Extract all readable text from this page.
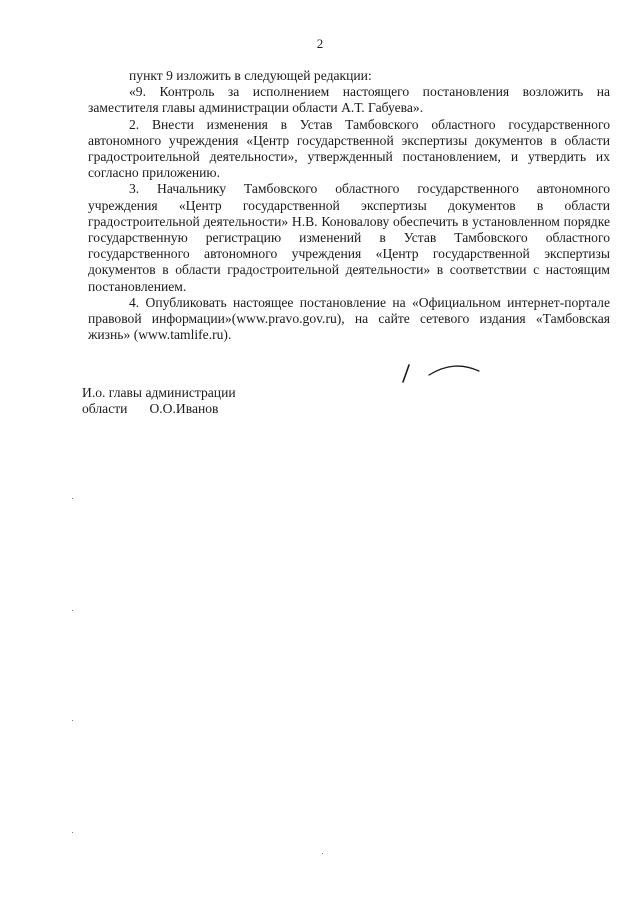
2

пункт 9 изложить в следующей редакции:

«9. Контроль за исполнением настоящего постановления возложить на заместителя главы администрации области А.Т. Габуева».

2. Внести изменения в Устав Тамбовского областного государственного автономного учреждения «Центр государственной экспертизы документов в области градостроительной деятельности», утвержденный постановлением, и утвердить их согласно приложению.

3. Начальнику Тамбовского областного государственного автономного учреждения «Центр государственной экспертизы документов в области градостроительной деятельности» Н.В. Коновалову обеспечить в установленном порядке государственную регистрацию изменений в Устав Тамбовского областного государственного автономного учреждения «Центр государственной экспертизы документов в области градостроительной деятельности» в соответствии с настоящим постановлением.

4. Опубликовать настоящее постановление на «Официальном интернет-портале правовой информации»(www.pravo.gov.ru), на сайте сетевого издания «Тамбовская жизнь» (www.tamlife.ru).

И.о. главы администрации
области О.О.Иванов
